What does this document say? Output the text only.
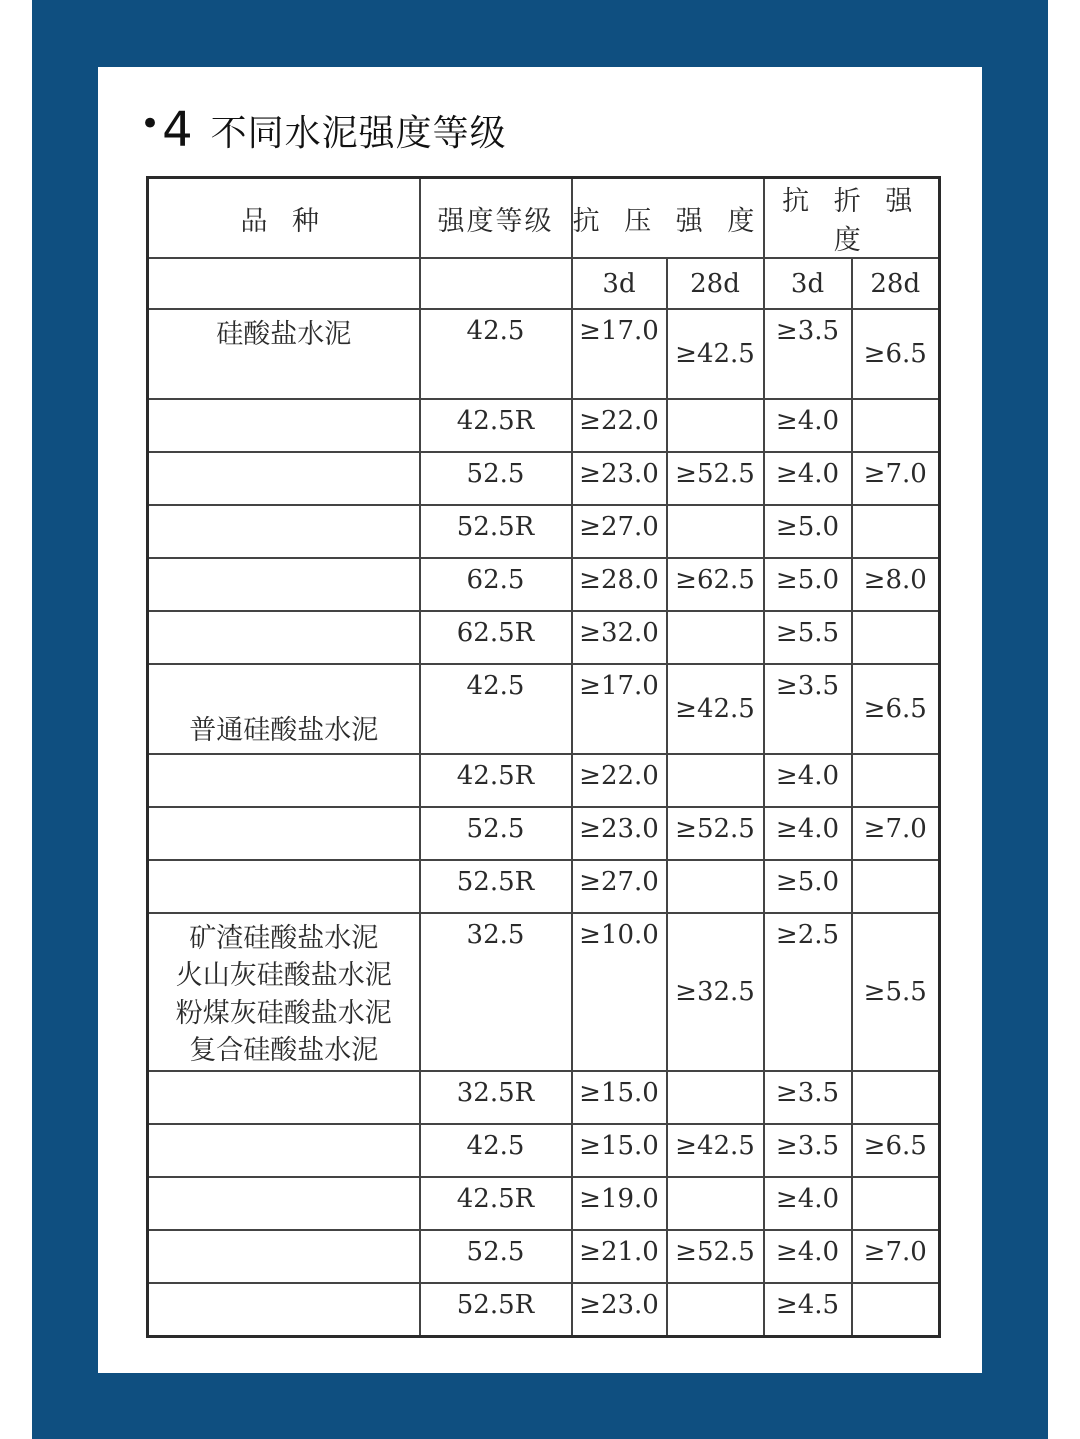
• 4 不同水泥强度等级
品 种	强度等级	抗 压 强 度		抗 折 强 度	
		3d	28d	3d	28d
硅酸盐水泥	42.5	≥17.0	≥42.5	≥3.5	≥6.5
	42.5R	≥22.0		≥4.0	
	52.5	≥23.0	≥52.5	≥4.0	≥7.0
	52.5R	≥27.0		≥5.0	
	62.5	≥28.0	≥62.5	≥5.0	≥8.0
	62.5R	≥32.0		≥5.5	
普通硅酸盐水泥	42.5	≥17.0	≥42.5	≥3.5	≥6.5
	42.5R	≥22.0		≥4.0	
	52.5	≥23.0	≥52.5	≥4.0	≥7.0
	52.5R	≥27.0		≥5.0	

矿渣硅酸盐水泥
火山灰硅酸盐水泥
粉煤灰硅酸盐水泥
复合硅酸盐水泥	32.5	≥10.0	≥32.5	≥2.5	≥5.5
	32.5R	≥15.0		≥3.5	
	42.5	≥15.0	≥42.5	≥3.5	≥6.5
	42.5R	≥19.0		≥4.0	
	52.5	≥21.0	≥52.5	≥4.0	≥7.0
	52.5R	≥23.0		≥4.5	
